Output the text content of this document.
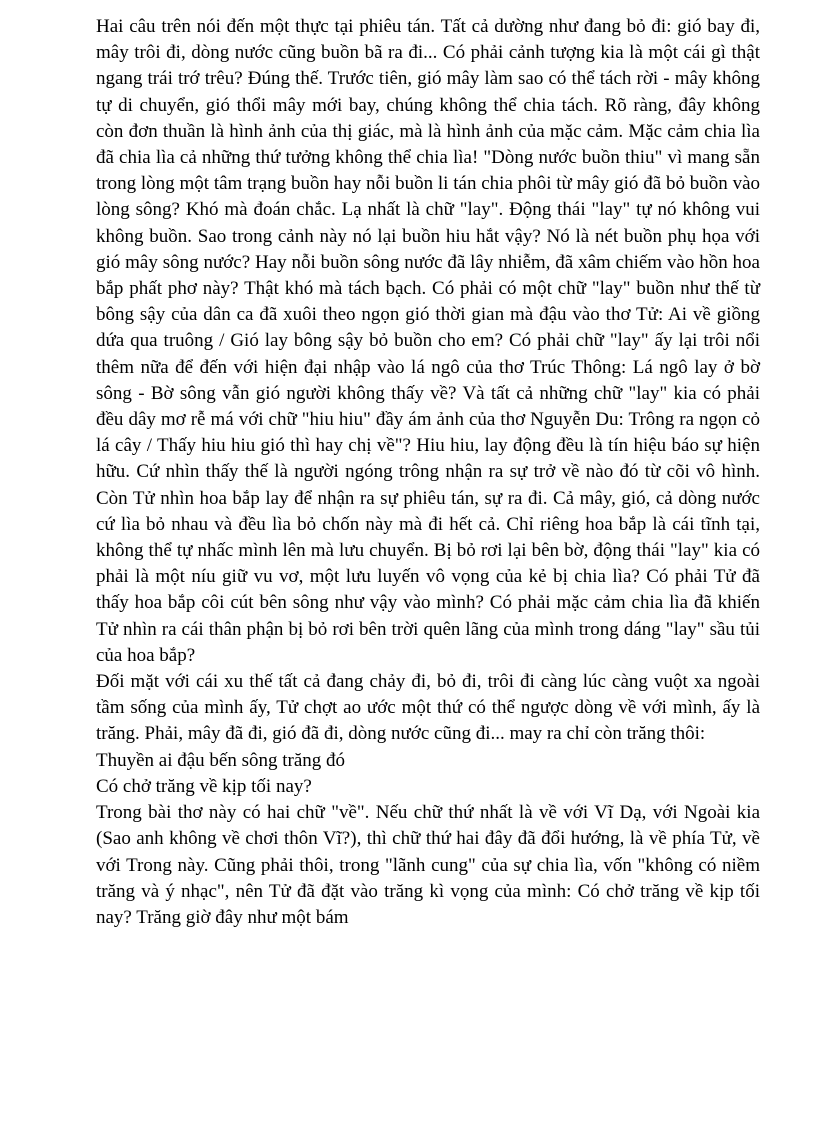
Hai câu trên nói đến một thực tại phiêu tán. Tất cả dường như đang bỏ đi: gió bay đi, mây trôi đi, dòng nước cũng buồn bã ra đi... Có phải cảnh tượng kia là một cái gì thật ngang trái trớ trêu? Đúng thế. Trước tiên, gió mây làm sao có thể tách rời - mây không tự di chuyển, gió thổi mây mới bay, chúng không thể chia tách. Rõ ràng, đây không còn đơn thuần là hình ảnh của thị giác, mà là hình ảnh của mặc cảm. Mặc cảm chia lìa đã chia lìa cả những thứ tưởng không thể chia lìa! "Dòng nước buồn thiu" vì mang sẵn trong lòng một tâm trạng buồn hay nỗi buồn li tán chia phôi từ mây gió đã bỏ buồn vào lòng sông? Khó mà đoán chắc. Lạ nhất là chữ "lay". Động thái "lay" tự nó không vui không buồn. Sao trong cảnh này nó lại buồn hiu hắt vậy? Nó là nét buồn phụ họa với gió mây sông nước? Hay nỗi buồn sông nước đã lây nhiễm, đã xâm chiếm vào hồn hoa bắp phất phơ này? Thật khó mà tách bạch. Có phải có một chữ "lay" buồn như thế từ bông sậy của dân ca đã xuôi theo ngọn gió thời gian mà đậu vào thơ Tử: Ai về giồng dứa qua truông / Gió lay bông sậy bỏ buồn cho em? Có phải chữ "lay" ấy lại trôi nổi thêm nữa để đến với hiện đại nhập vào lá ngô của thơ Trúc Thông: Lá ngô lay ở bờ sông - Bờ sông vẫn gió người không thấy về? Và tất cả những chữ "lay" kia có phải đều dây mơ rễ má với chữ "hiu hiu" đầy ám ảnh của thơ Nguyễn Du: Trông ra ngọn cỏ lá cây / Thấy hiu hiu gió thì hay chị về"? Hiu hiu, lay động đều là tín hiệu báo sự hiện hữu. Cứ nhìn thấy thế là người ngóng trông nhận ra sự trở về nào đó từ cõi vô hình. Còn Tử nhìn hoa bắp lay để nhận ra sự phiêu tán, sự ra đi. Cả mây, gió, cả dòng nước cứ lìa bỏ nhau và đều lìa bỏ chốn này mà đi hết cả. Chỉ riêng hoa bắp là cái tĩnh tại, không thể tự nhấc mình lên mà lưu chuyển. Bị bỏ rơi lại bên bờ, động thái "lay" kia có phải là một níu giữ vu vơ, một lưu luyến vô vọng của kẻ bị chia lìa? Có phải Tử đã thấy hoa bắp côi cút bên sông như vậy vào mình? Có phải mặc cảm chia lìa đã khiến Tử nhìn ra cái thân phận bị bỏ rơi bên trời quên lãng của mình trong dáng "lay" sầu tủi của hoa bắp?

Đối mặt với cái xu thế tất cả đang chảy đi, bỏ đi, trôi đi càng lúc càng vuột xa ngoài tầm sống của mình ấy, Tử chợt ao ước một thứ có thể ngược dòng về với mình, ấy là trăng. Phải, mây đã đi, gió đã đi, dòng nước cũng đi... may ra chỉ còn trăng thôi:

Thuyền ai đậu bến sông trăng đó

Có chở trăng về kịp tối nay?

Trong bài thơ này có hai chữ "về". Nếu chữ thứ nhất là về với Vĩ Dạ, với Ngoài kia (Sao anh không về chơi thôn Vĩ?), thì chữ thứ hai đây đã đổi hướng, là về phía Tử, về với Trong này. Cũng phải thôi, trong "lãnh cung" của sự chia lìa, vốn "không có niềm trăng và ý nhạc", nên Tử đã đặt vào trăng kì vọng của mình: Có chở trăng về kịp tối nay? Trăng giờ đây như một bám
